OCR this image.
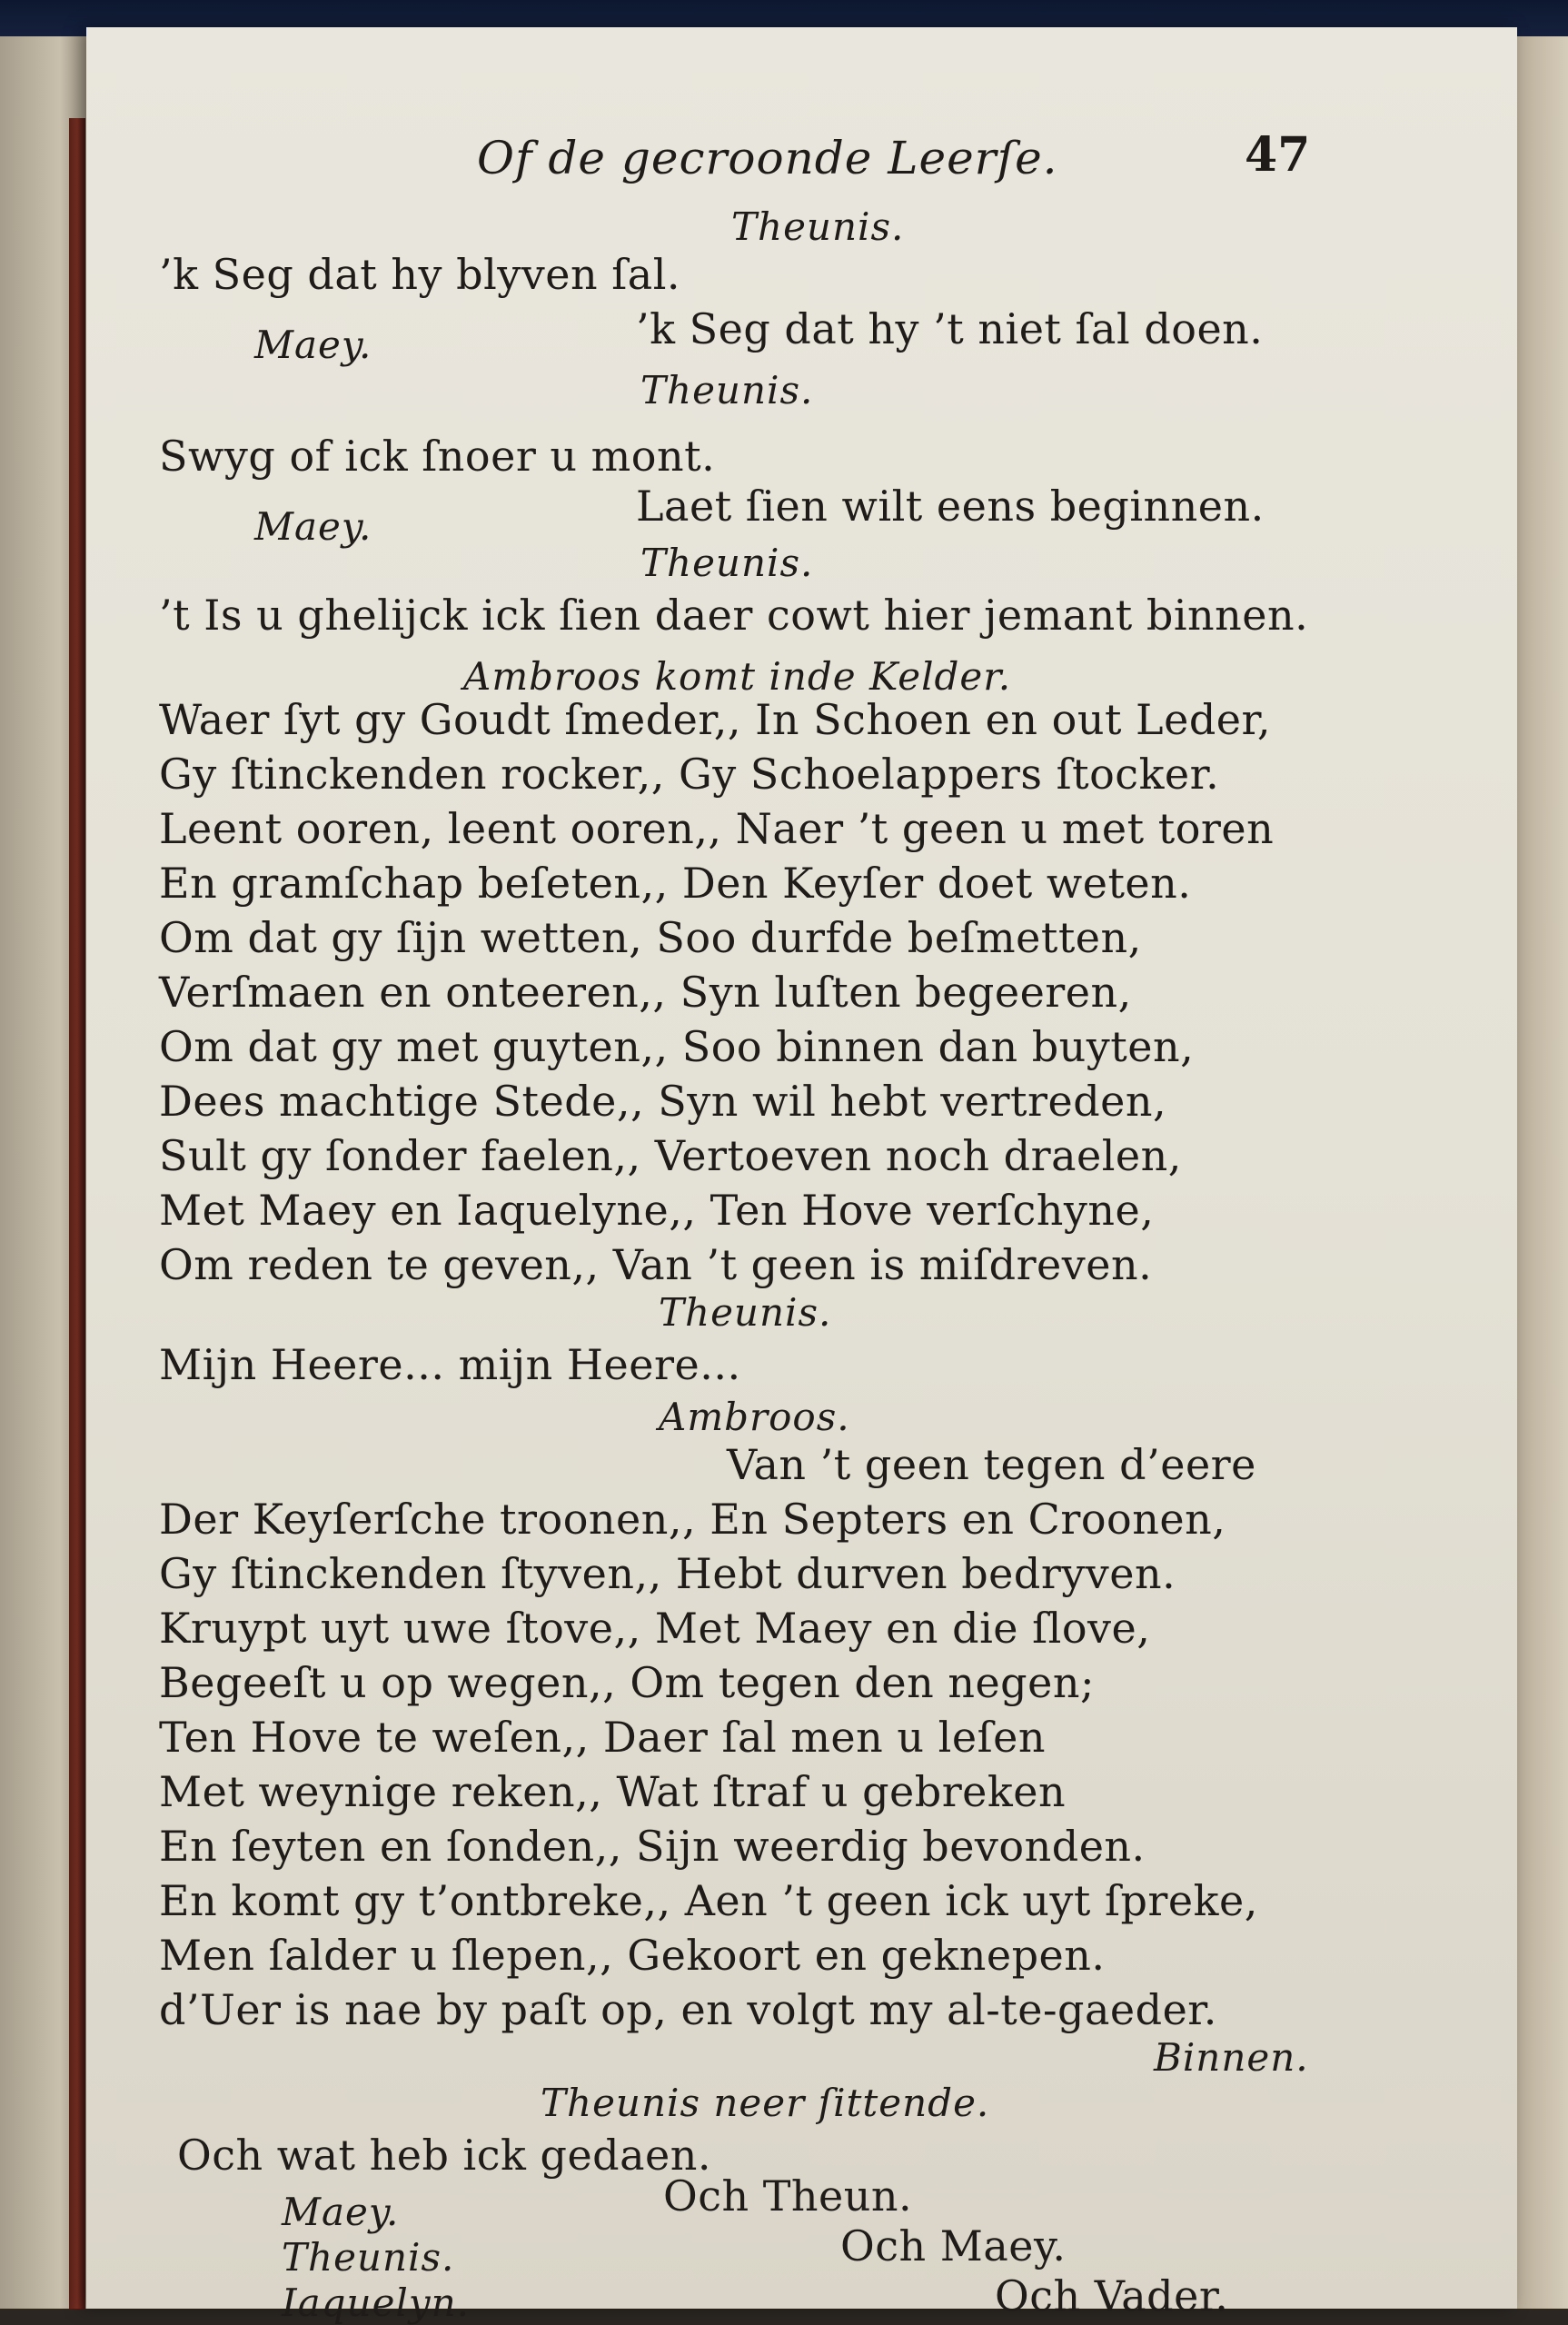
Of de gecroonde Leerſe.	47
Theunis.
’k Seg dat hy blyven ſal.
Maey.	’k Seg dat hy ’t niet ſal doen.
Theunis.
Swyg of ick ſnoer u mont.
Maey.	Laet ſien wilt eens beginnen.
Theunis.
’t Is u ghelijck ick ſien daer cowt hier jemant binnen.
Ambroos komt inde Kelder.
Waer ſyt gy Goudt ſmeder,, In Schoen en out Leder,
Gy ſtinckenden rocker,, Gy Schoelappers ſtocker.
Leent ooren, leent ooren,, Naer ’t geen u met toren
En gramſchap beſeten,, Den Keyſer doet weten.
Om dat gy ſijn wetten, Soo durfde beſmetten,
Verſmaen en onteeren,, Syn luſten begeeren,
Om dat gy met guyten,, Soo binnen dan buyten,
Dees machtige Stede,, Syn wil hebt vertreden,
Sult gy ſonder faelen,, Vertoeven noch draelen,
Met Maey en Iaquelyne,, Ten Hove verſchyne,
Om reden te geven,, Van ’t geen is miſdreven.
Theunis.
Mijn Heere... mijn Heere...
Ambroos.
Van ’t geen tegen d’eere
Der Keyſerſche troonen,, En Septers en Croonen,
Gy ſtinckenden ſtyven,, Hebt durven bedryven.
Kruypt uyt uwe ſtove,, Met Maey en die ſlove,
Begeeſt u op wegen,, Om tegen den negen;
Ten Hove te weſen,, Daer ſal men u leſen
Met weynige reken,, Wat ſtraf u gebreken
En ſeyten en ſonden,, Sijn weerdig bevonden.
En komt gy t’ontbreke,, Aen ’t geen ick uyt ſpreke,
Men ſalder u ſlepen,, Gekoort en geknepen.
d’Uer is nae by paſt op, en volgt my al-te-gaeder.
Binnen.
Theunis neer ſittende.
Och wat heb ick gedaen.
Maey.	Och Theun.
Theunis.	Och Maey.
Iaquelyn.	Och Vader.
